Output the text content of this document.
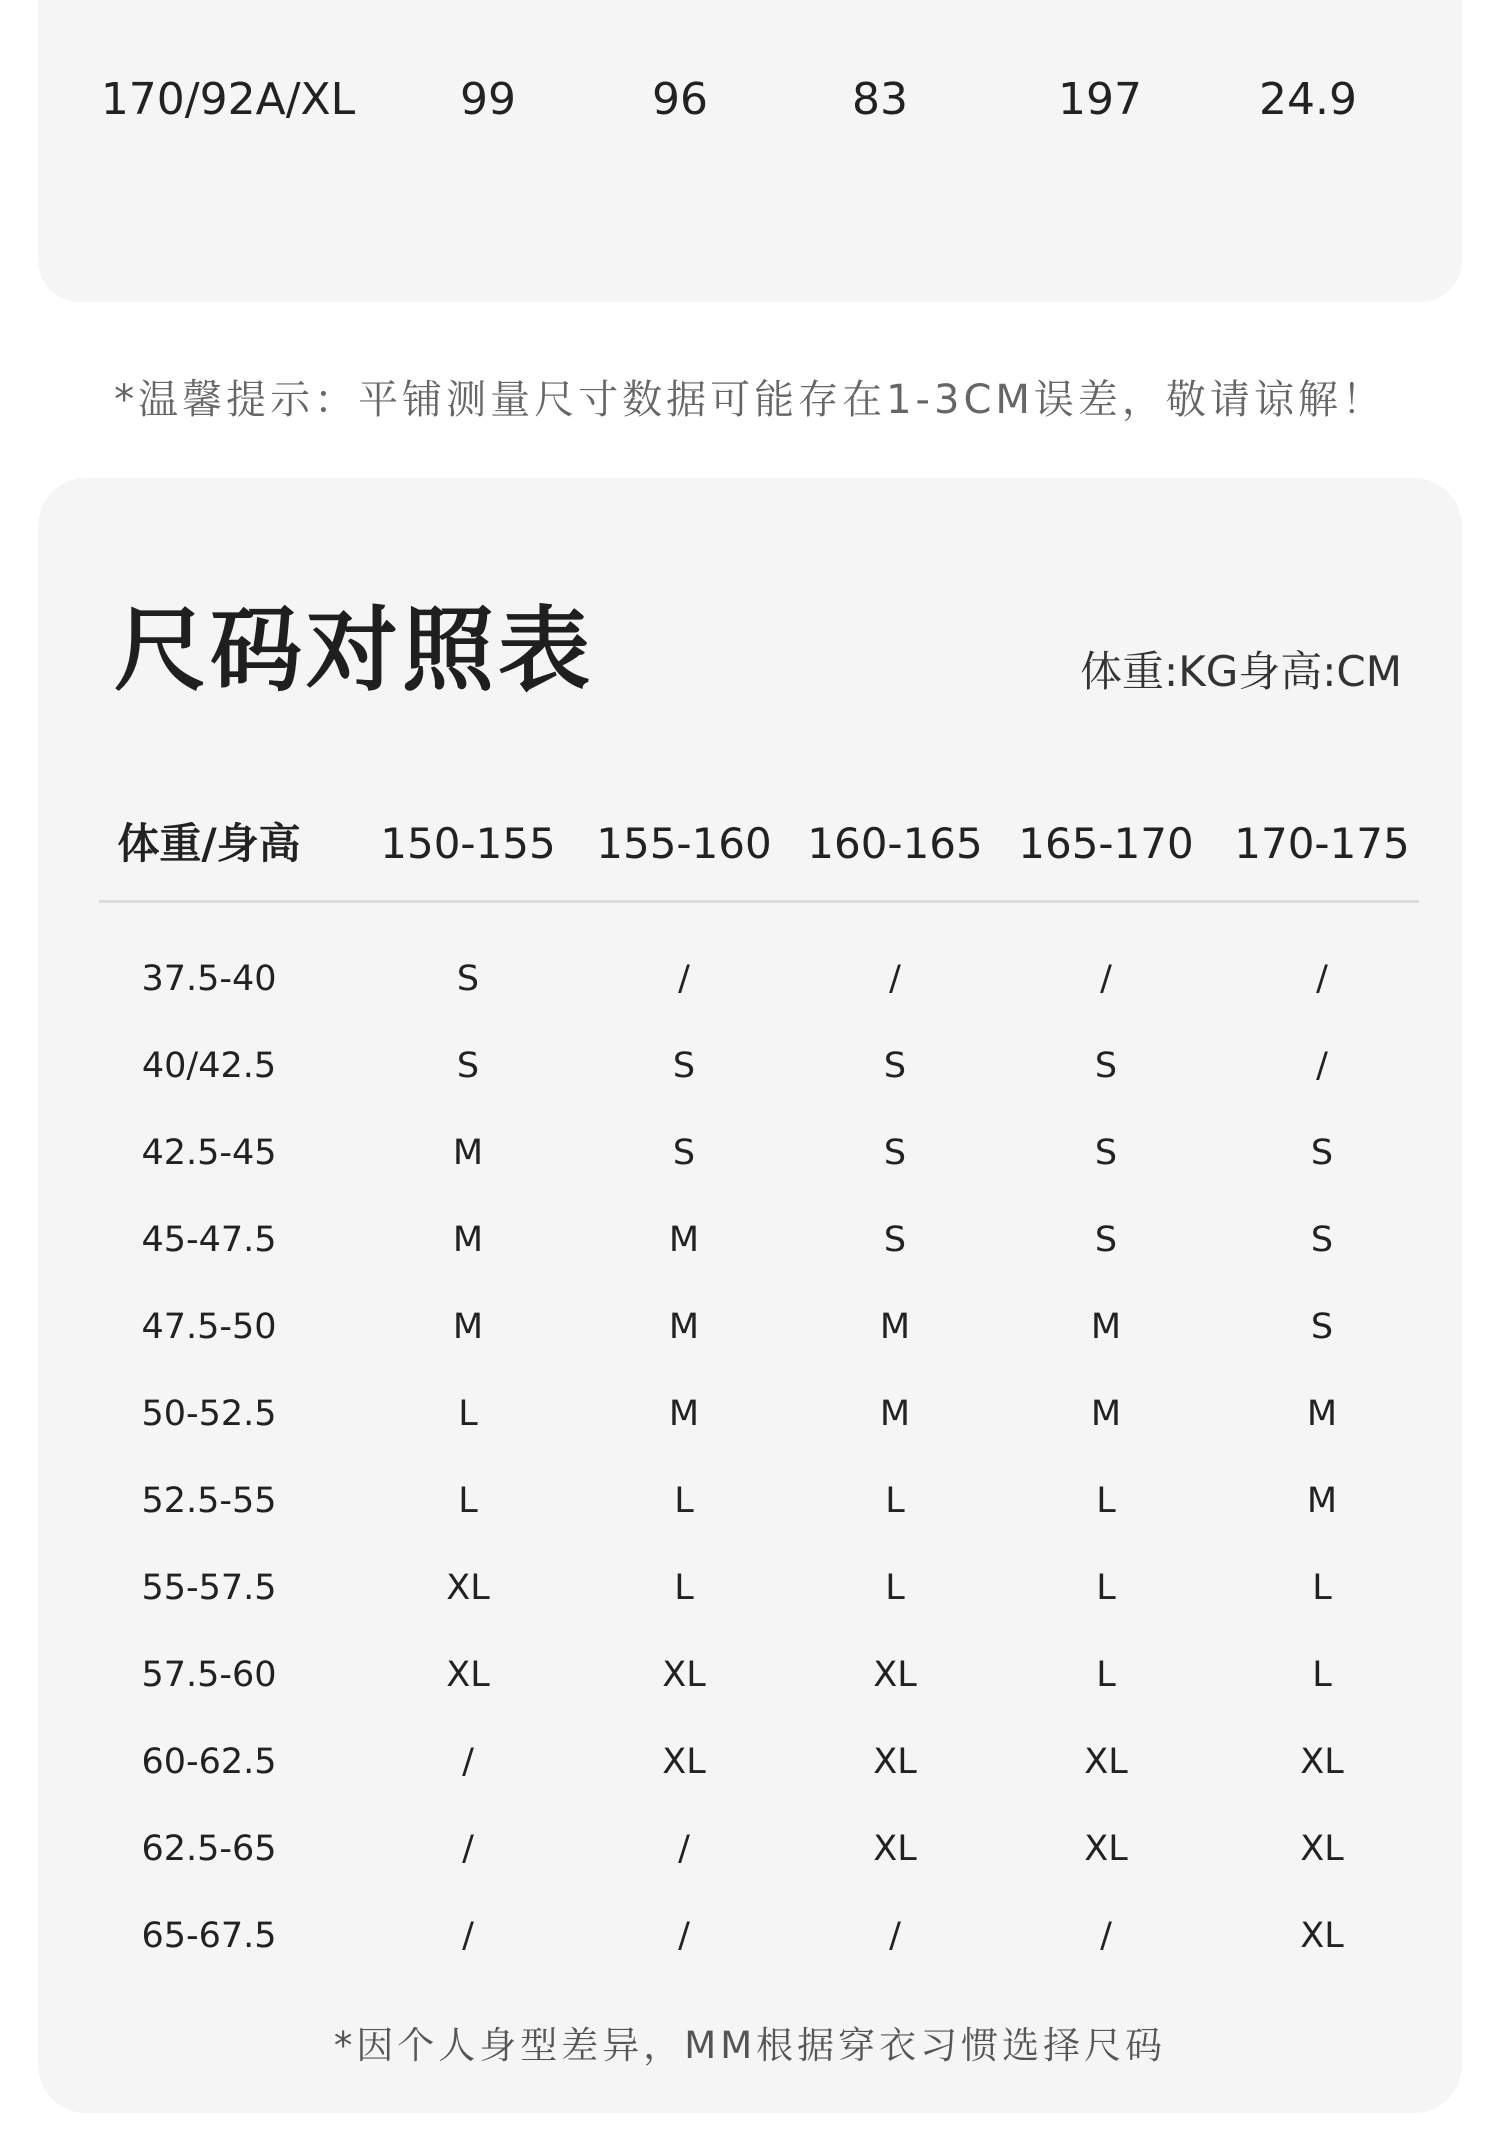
170/92A/XL	99	96	83	197	24.9
*温馨提示：平铺测量尺寸数据可能存在1-3CM误差，敬请谅解！
尺码对照表	体重:KG身高:CM
体重/身高	150-155 155-160 160-165 165-170 170-175
37.5-40	S	/	/	/	/
40/42.5	S	S	S	S	/
42.5-45	M	S	S	S	S
45-47.5	M	M	S	S	S
47.5-50	M	M	M	M	S
50-52.5	L	M	M	M	M
52.5-55	L	L	L	L	M
55-57.5	XL	L	L	L	L
57.5-60	XL	XL	XL	L	L
60-62.5	/	XL	XL	XL	XL
62.5-65	/	/	XL	XL	XL
65-67.5	/	/	/	/	XL
*因个人身型差异，MM根据穿衣习惯选择尺码
